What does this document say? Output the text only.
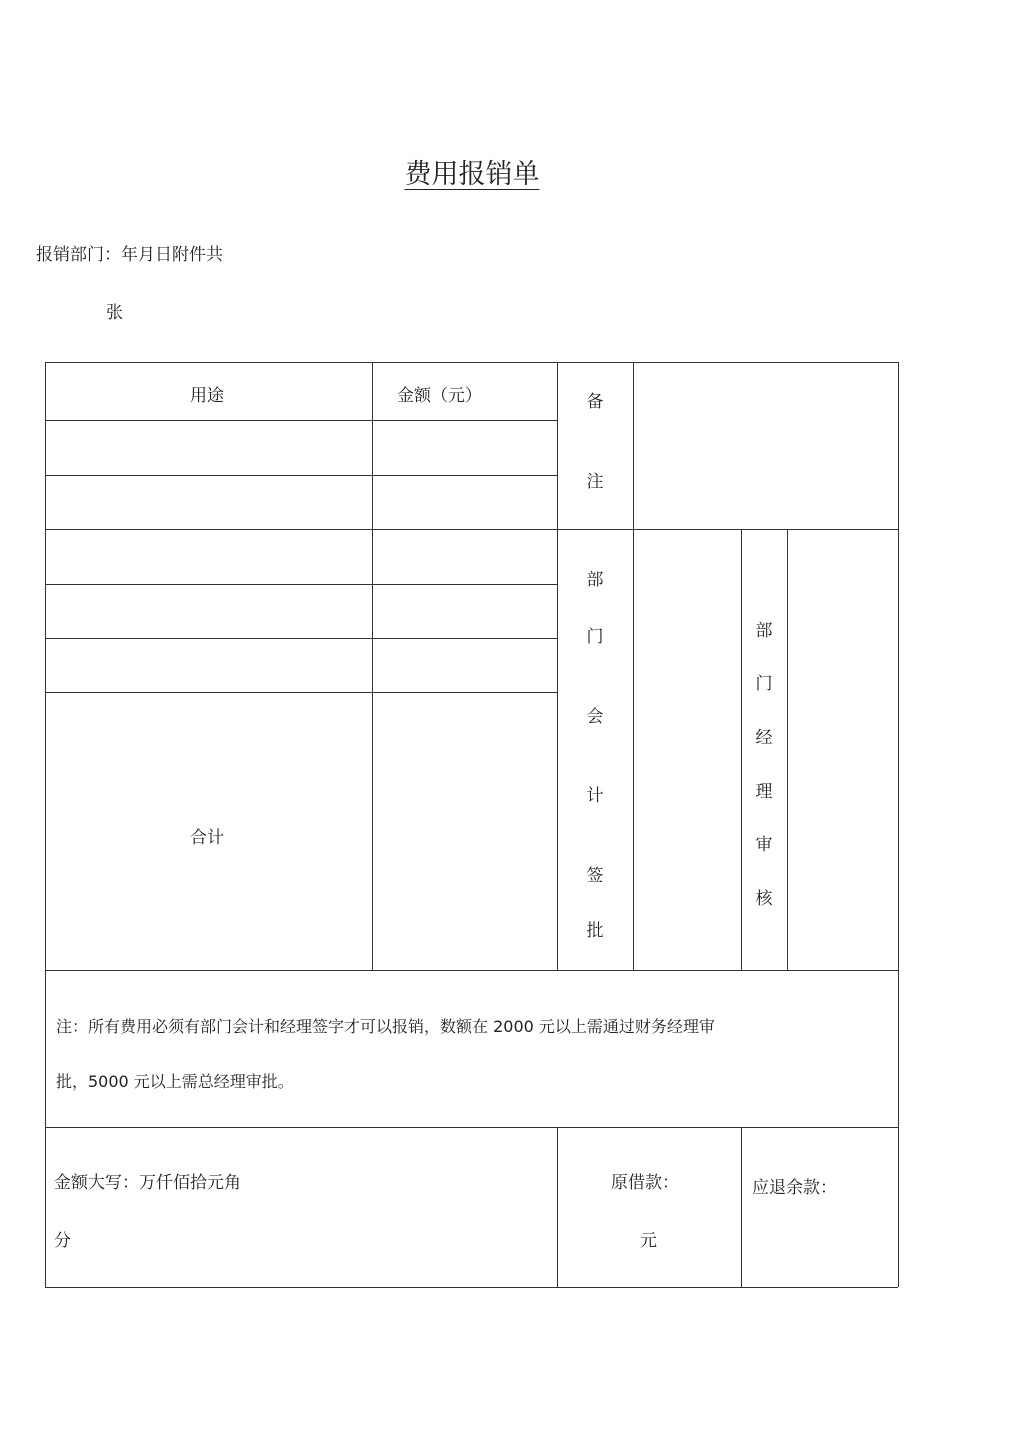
费用报销单
报销部门：年月日附件共
张
用途	金额（元）	备
注
部
门
会
计
签
批
部
门
经
理
审
核
合计
注：所有费用必须有部门会计和经理签字才可以报销，数额在 2000 元以上需通过财务经理审
批，5000 元以上需总经理审批。
金额大写：万仟佰拾元角
分
原借款：
元
应退余款：
